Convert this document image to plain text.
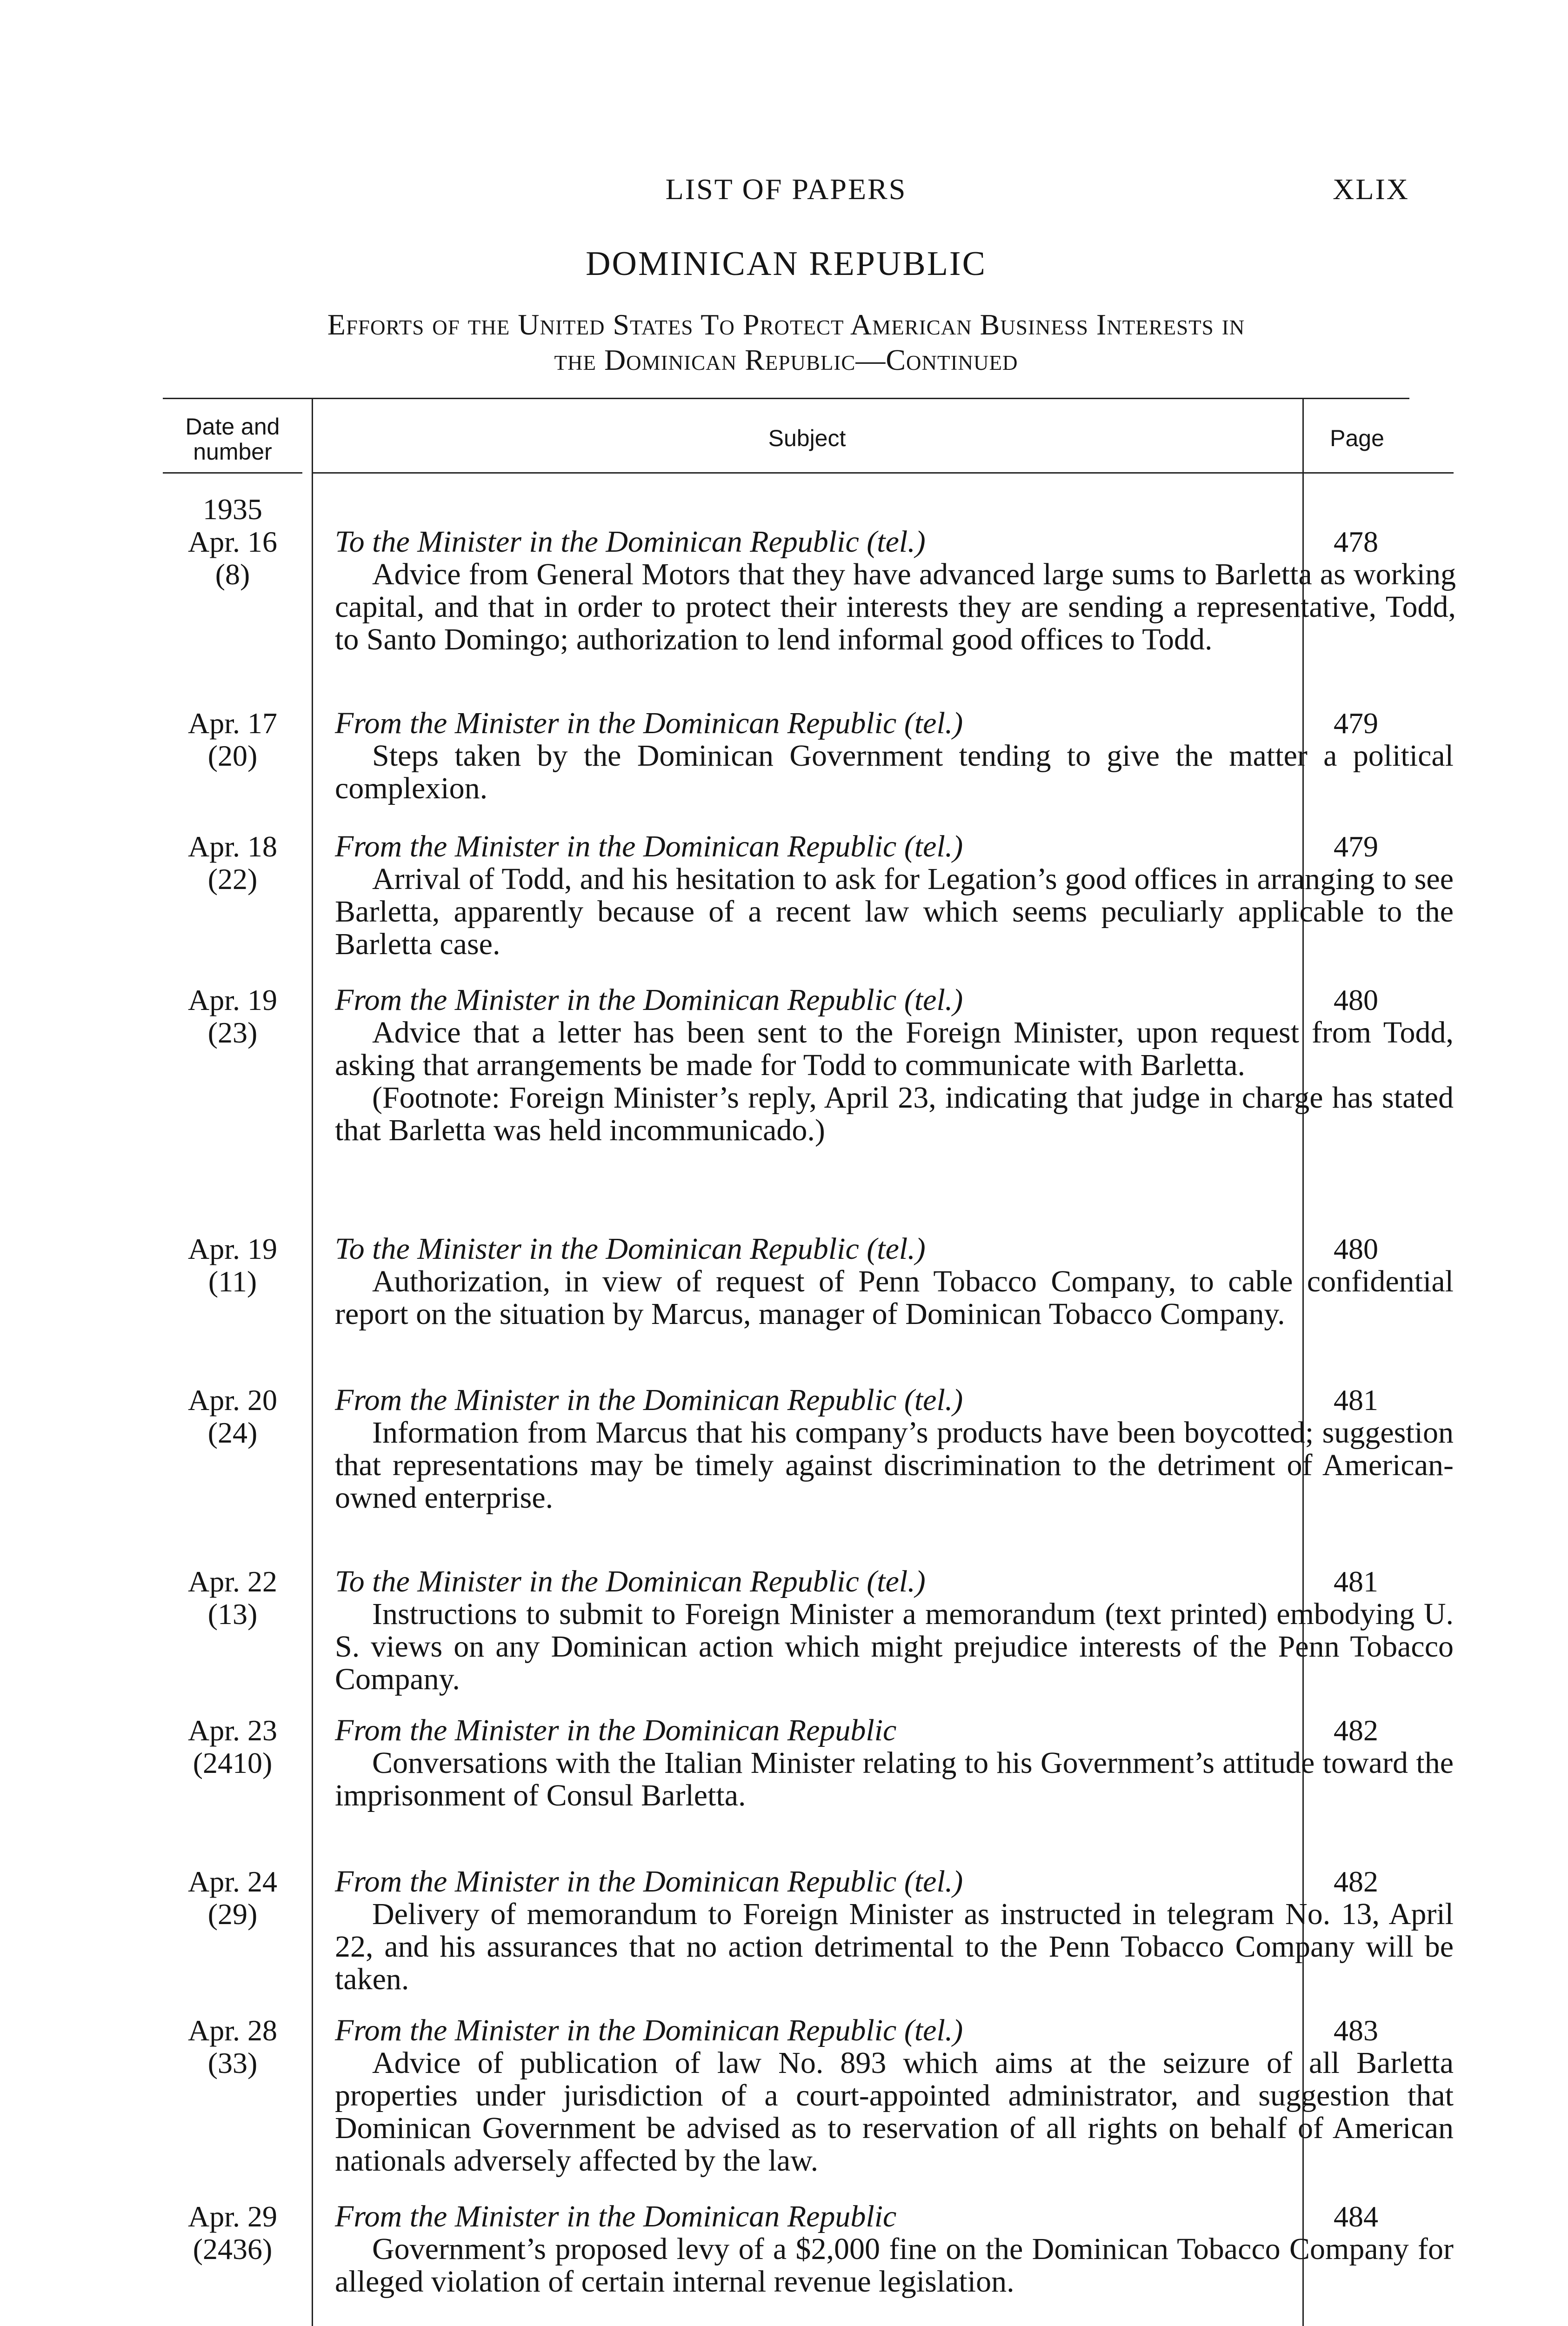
LIST OF PAPERS	XLIX
DOMINICAN REPUBLIC
Efforts of the United States To Protect American Business Interests in
the Dominican Republic—Continued
Date and number
Subject	Page
1935
Apr. 16
(8)
To the Minister in the Dominican Republic (tel.)
Advice from General Motors that they have advanced large sums to Barletta as working capital, and that in order to protect their interests they are sending a representative, Todd, to Santo Domingo; authorization to lend informal good offices to Todd.
478
Apr. 17
(20)
From the Minister in the Dominican Republic (tel.)
Steps taken by the Dominican Government tending to give the matter a political complexion.
479
Apr. 18
(22)
From the Minister in the Dominican Republic (tel.)
Arrival of Todd, and his hesitation to ask for Legation’s good offices in arranging to see Barletta, apparently because of a recent law which seems peculiarly applicable to the Barletta case.
479
Apr. 19
(23)
From the Minister in the Dominican Republic (tel.)
Advice that a letter has been sent to the Foreign Minister, upon request from Todd, asking that arrangements be made for Todd to communicate with Barletta.
(Footnote: Foreign Minister’s reply, April 23, indicating that judge in charge has stated that Barletta was held incommunicado.)
480
Apr. 19
(11)
To the Minister in the Dominican Republic (tel.)
Authorization, in view of request of Penn Tobacco Company, to cable confidential report on the situation by Marcus, manager of Dominican Tobacco Company.
480
Apr. 20
(24)
From the Minister in the Dominican Republic (tel.)
Information from Marcus that his company’s products have been boycotted; suggestion that representations may be timely against discrimination to the detriment of American-owned enterprise.
481
Apr. 22
(13)
To the Minister in the Dominican Republic (tel.)
Instructions to submit to Foreign Minister a memorandum (text printed) embodying U. S. views on any Dominican action which might prejudice interests of the Penn Tobacco Company.
481
Apr. 23
(2410)
From the Minister in the Dominican Republic
Conversations with the Italian Minister relating to his Government’s attitude toward the imprisonment of Consul Barletta.
482
Apr. 24
(29)
From the Minister in the Dominican Republic (tel.)
Delivery of memorandum to Foreign Minister as instructed in telegram No. 13, April 22, and his assurances that no action detrimental to the Penn Tobacco Company will be taken.
482
Apr. 28
(33)
From the Minister in the Dominican Republic (tel.)
Advice of publication of law No. 893 which aims at the seizure of all Barletta properties under jurisdiction of a court-appointed administrator, and suggestion that Dominican Government be advised as to reservation of all rights on behalf of American nationals adversely affected by the law.
483
Apr. 29
(2436)
From the Minister in the Dominican Republic
Government’s proposed levy of a $2,000 fine on the Dominican Tobacco Company for alleged violation of certain internal revenue legislation.
484
